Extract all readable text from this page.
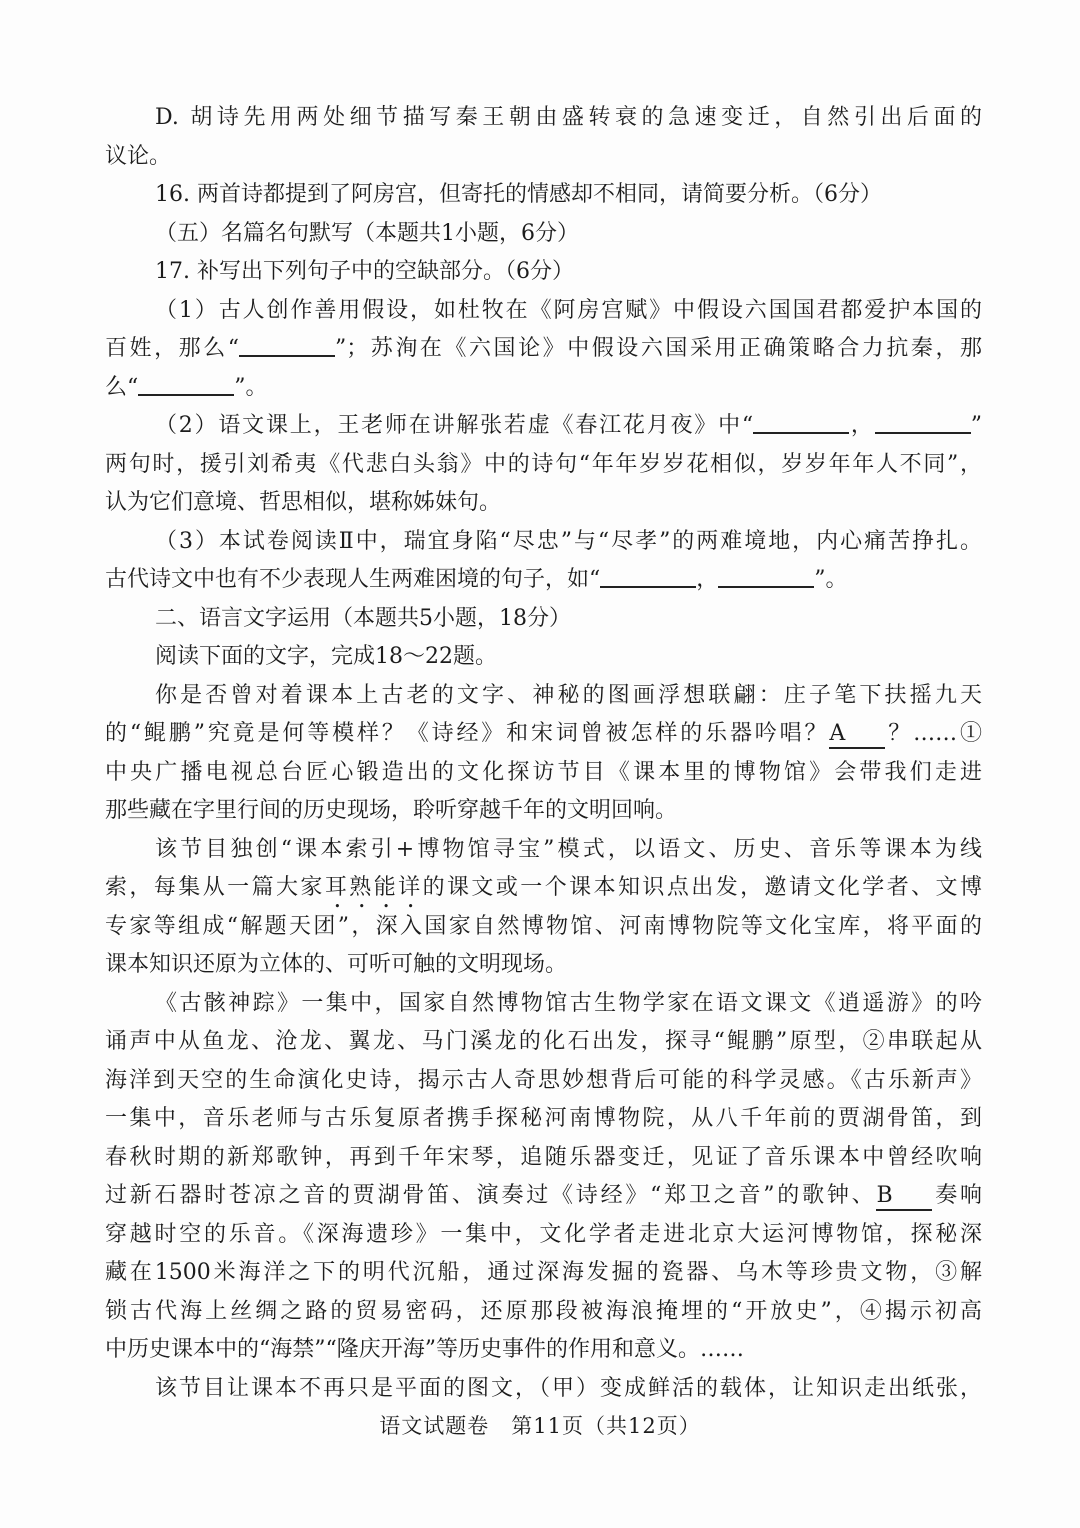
D. 胡诗先用两处细节描写秦王朝由盛转衰的急速变迁，自然引出后面的
议论。
16. 两首诗都提到了阿房宫，但寄托的情感却不相同，请简要分析。（6分）
（五）名篇名句默写（本题共1小题，6分）
17. 补写出下列句子中的空缺部分。（6分）
（1）古人创作善用假设，如杜牧在《阿房宫赋》中假设六国国君都爱护本国的
百姓，那么“	”；苏洵在《六国论》中假设六国采用正确策略合力抗秦，那
么“	”。
（2）语文课上，王老师在讲解张若虚《春江花月夜》中“	，	”
两句时，援引刘希夷《代悲白头翁》中的诗句“年年岁岁花相似，岁岁年年人不同”，
认为它们意境、哲思相似，堪称姊妹句。
（3）本试卷阅读Ⅱ中，瑞宜身陷“尽忠”与“尽孝”的两难境地，内心痛苦挣扎。
古代诗文中也有不少表现人生两难困境的句子，如“	，	”。
二、语言文字运用（本题共5小题，18分）
阅读下面的文字，完成18～22题。
你是否曾对着课本上古老的文字、神秘的图画浮想联翩：庄子笔下扶摇九天
的“鲲鹏”究竟是何等模样？《诗经》和宋词曾被怎样的乐器吟唱？A ？……①
中央广播电视总台匠心锻造出的文化探访节目《课本里的博物馆》会带我们走进
那些藏在字里行间的历史现场，聆听穿越千年的文明回响。
该节目独创“课本索引+博物馆寻宝”模式，以语文、历史、音乐等课本为线
索，每集从一篇大家耳熟能详的课文或一个课本知识点出发，邀请文化学者、文博
专家等组成“解题天团”，深入国家自然博物馆、河南博物院等文化宝库，将平面的
课本知识还原为立体的、可听可触的文明现场。
《古骸神踪》一集中，国家自然博物馆古生物学家在语文课文《逍遥游》的吟
诵声中从鱼龙、沧龙、翼龙、马门溪龙的化石出发，探寻“鲲鹏”原型，②串联起从
海洋到天空的生命演化史诗，揭示古人奇思妙想背后可能的科学灵感。《古乐新声》
一集中，音乐老师与古乐复原者携手探秘河南博物院，从八千年前的贾湖骨笛，到
春秋时期的新郑歌钟，再到千年宋琴，追随乐器变迁，见证了音乐课本中曾经吹响
过新石器时苍凉之音的贾湖骨笛、演奏过《诗经》“郑卫之音”的歌钟、B 奏响
穿越时空的乐音。《深海遗珍》一集中，文化学者走进北京大运河博物馆，探秘深
藏在1500米海洋之下的明代沉船，通过深海发掘的瓷器、乌木等珍贵文物，③解
锁古代海上丝绸之路的贸易密码，还原那段被海浪掩埋的“开放史”，④揭示初高
中历史课本中的“海禁”“隆庆开海”等历史事件的作用和意义。……
该节目让课本不再只是平面的图文，（甲）变成鲜活的载体，让知识走出纸张，
语文试题卷　第11页（共12页）
